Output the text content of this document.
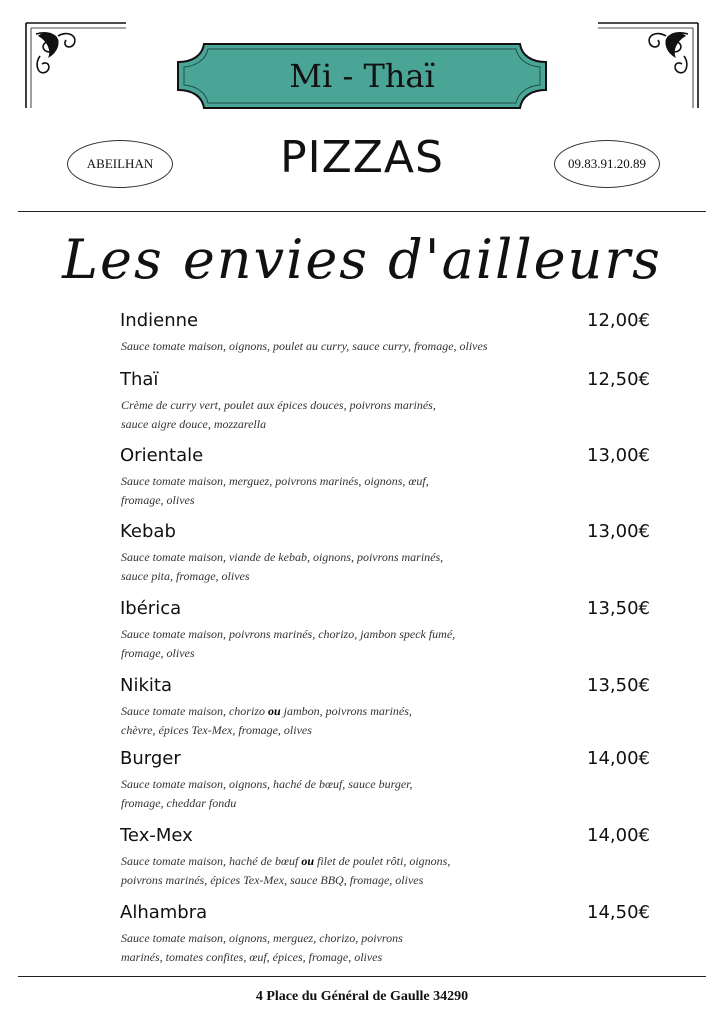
Mi - Thaï
ABEILHAN	PIZZAS	09.83.91.20.89
Les envies d'ailleurs
Indienne	12,00€
Sauce tomate maison, oignons, poulet au curry, sauce curry, fromage, olives
Thaï	12,50€
Crème de curry vert, poulet aux épices douces, poivrons marinés,
sauce aigre douce, mozzarella
Orientale	13,00€
Sauce tomate maison, merguez, poivrons marinés, oignons, œuf,
fromage, olives
Kebab	13,00€
Sauce tomate maison, viande de kebab, oignons, poivrons marinés,
sauce pita, fromage, olives
Ibérica	13,50€
Sauce tomate maison, poivrons marinés, chorizo, jambon speck fumé,
fromage, olives
Nikita	13,50€
Sauce tomate maison, chorizo ou jambon, poivrons marinés,
chèvre, épices Tex-Mex, fromage, olives
Burger	14,00€
Sauce tomate maison, oignons, haché de bœuf, sauce burger,
fromage, cheddar fondu
Tex-Mex	14,00€
Sauce tomate maison, haché de bœuf ou filet de poulet rôti, oignons,
poivrons marinés, épices Tex-Mex, sauce BBQ, fromage, olives
Alhambra	14,50€
Sauce tomate maison, oignons, merguez, chorizo, poivrons
marinés, tomates confites, œuf, épices, fromage, olives
4 Place du Général de Gaulle 34290
